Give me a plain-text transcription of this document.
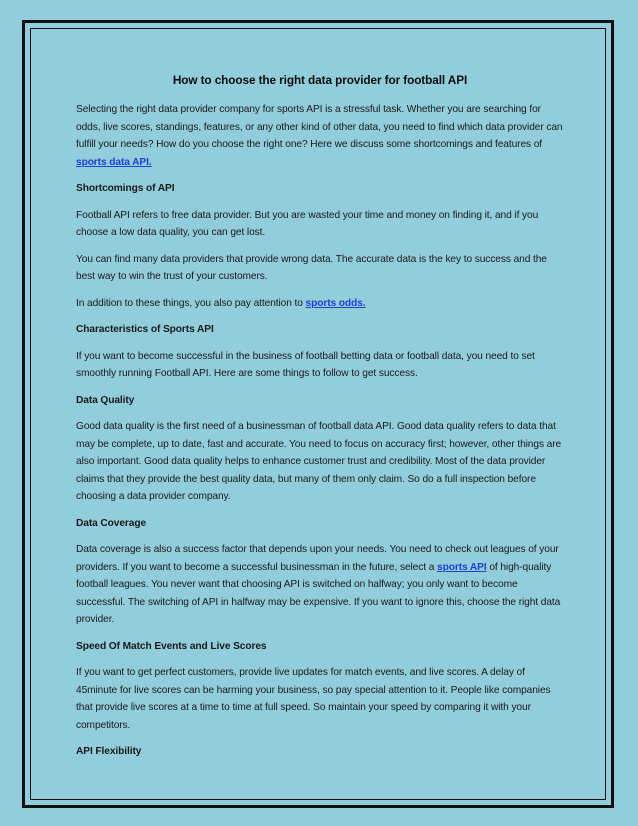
How to choose the right data provider for football API

Selecting the right data provider company for sports API is a stressful task. Whether you are searching for odds, live scores, standings, features, or any other kind of other data, you need to find which data provider can fulfill your needs? How do you choose the right one? Here we discuss some shortcomings and features of sports data API.

Shortcomings of API

Football API refers to free data provider. But you are wasted your time and money on finding it, and if you choose a low data quality, you can get lost.

You can find many data providers that provide wrong data. The accurate data is the key to success and the best way to win the trust of your customers.

In addition to these things, you also pay attention to sports odds.

Characteristics of Sports API

If you want to become successful in the business of football betting data or football data, you need to set smoothly running Football API. Here are some things to follow to get success.

Data Quality

Good data quality is the first need of a businessman of football data API. Good data quality refers to data that may be complete, up to date, fast and accurate. You need to focus on accuracy first; however, other things are also important. Good data quality helps to enhance customer trust and credibility. Most of the data provider claims that they provide the best quality data, but many of them only claim. So do a full inspection before choosing a data provider company.

Data Coverage

Data coverage is also a success factor that depends upon your needs. You need to check out leagues of your providers. If you want to become a successful businessman in the future, select a sports API of high-quality football leagues. You never want that choosing API is switched on halfway; you only want to become successful. The switching of API in halfway may be expensive. If you want to ignore this, choose the right data provider.

Speed Of Match Events and Live Scores

If you want to get perfect customers, provide live updates for match events, and live scores. A delay of 45minute for live scores can be harming your business, so pay special attention to it. People like companies that provide live scores at a time to time at full speed. So maintain your speed by comparing it with your competitors.

API Flexibility
